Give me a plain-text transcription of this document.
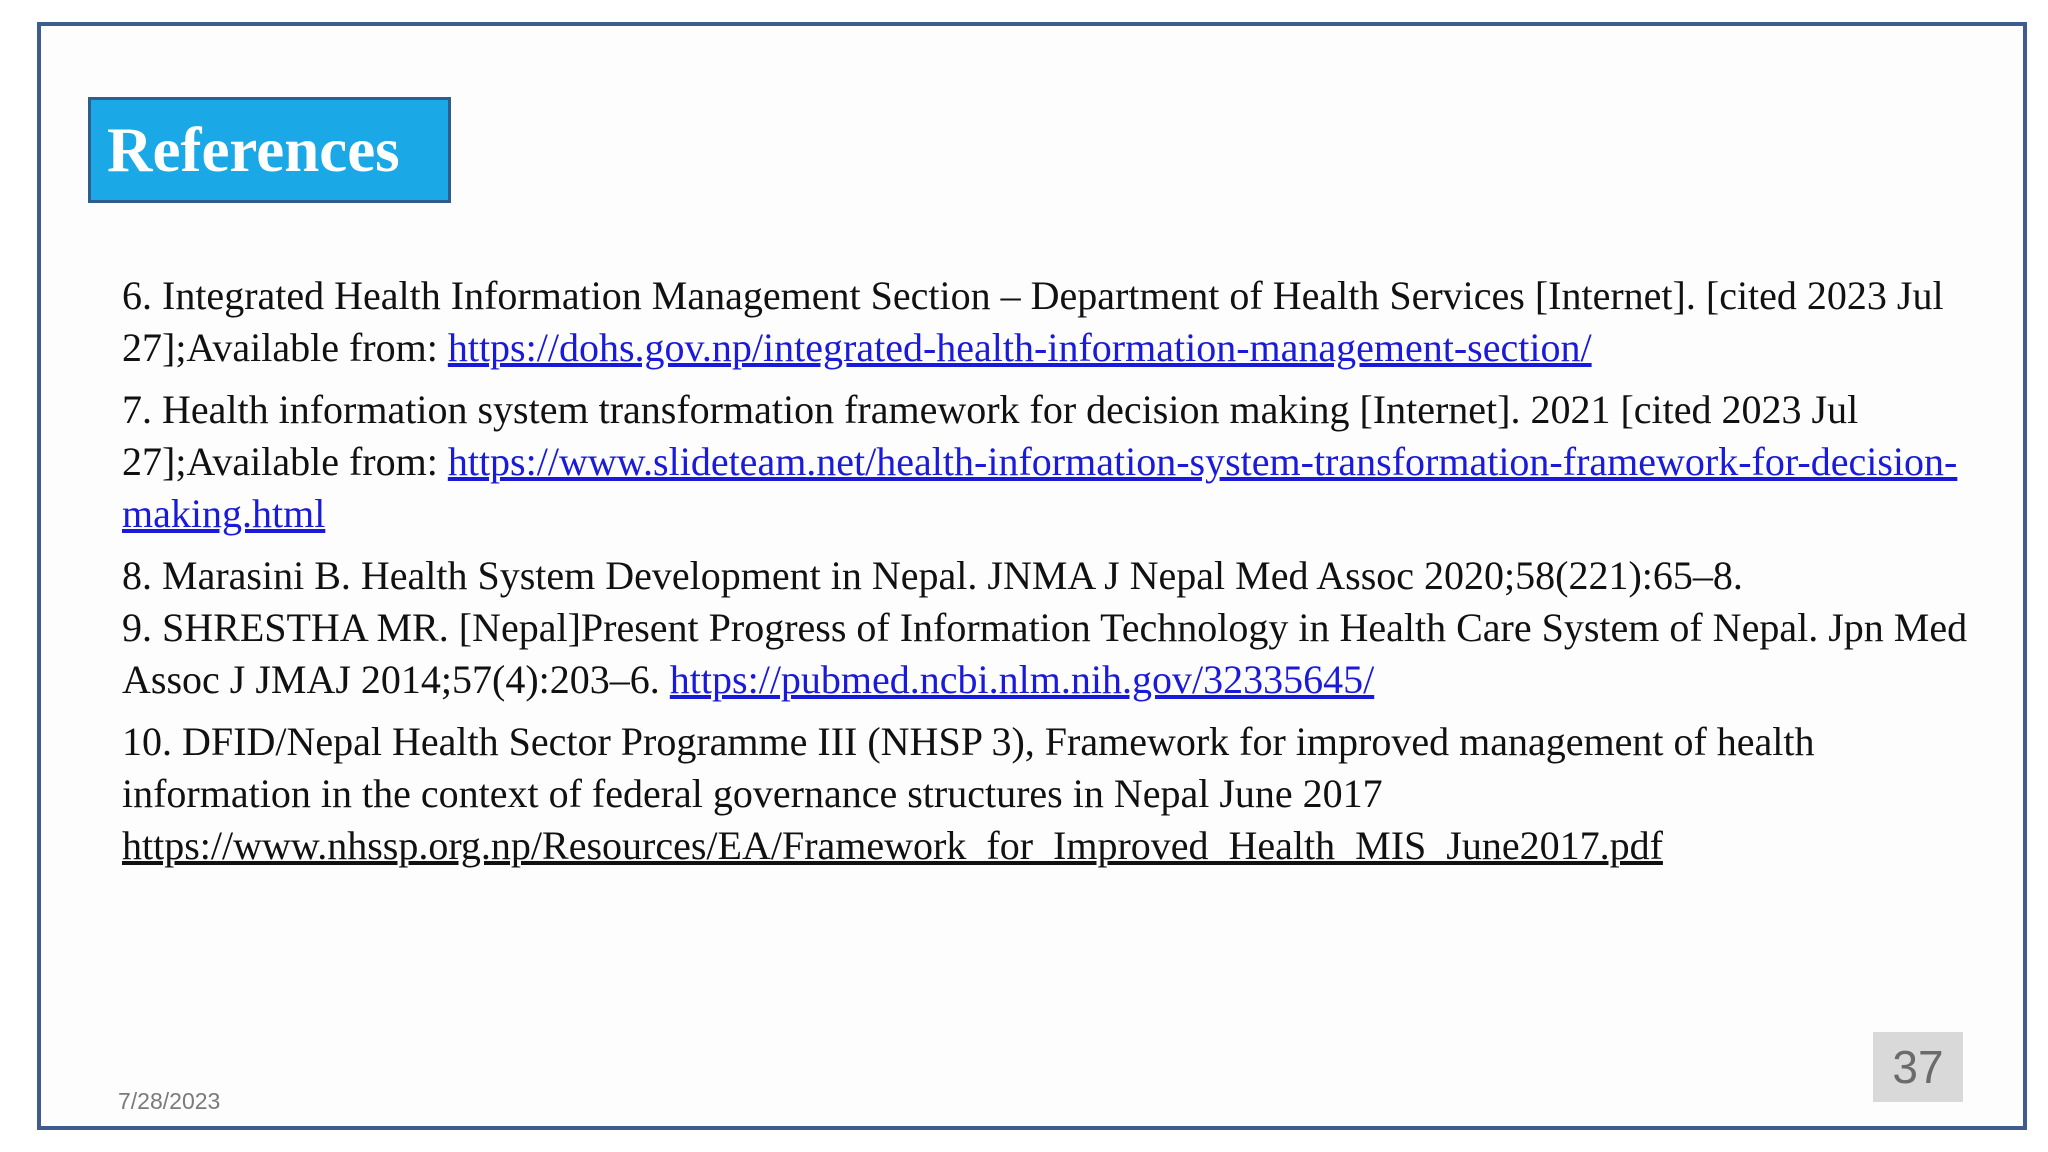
References

6. Integrated Health Information Management Section – Department of Health Services [Internet]. [cited 2023 Jul 27];Available from: https://dohs.gov.np/integrated-health-information-management-section/

7. Health information system transformation framework for decision making [Internet]. 2021 [cited 2023 Jul 27];Available from: https://www.slideteam.net/health-information-system-transformation-framework-for-decision-making.html

8. Marasini B. Health System Development in Nepal. JNMA J Nepal Med Assoc 2020;58(221):65–8.

9. SHRESTHA MR. [Nepal]Present Progress of Information Technology in Health Care System of Nepal. Jpn Med Assoc J JMAJ 2014;57(4):203–6. https://pubmed.ncbi.nlm.nih.gov/32335645/

10. DFID/Nepal Health Sector Programme III (NHSP 3), Framework for improved management of health information in the context of federal governance structures in Nepal June 2017 https://www.nhssp.org.np/Resources/EA/Framework_for_Improved_Health_MIS_June2017.pdf

7/28/2023
37
